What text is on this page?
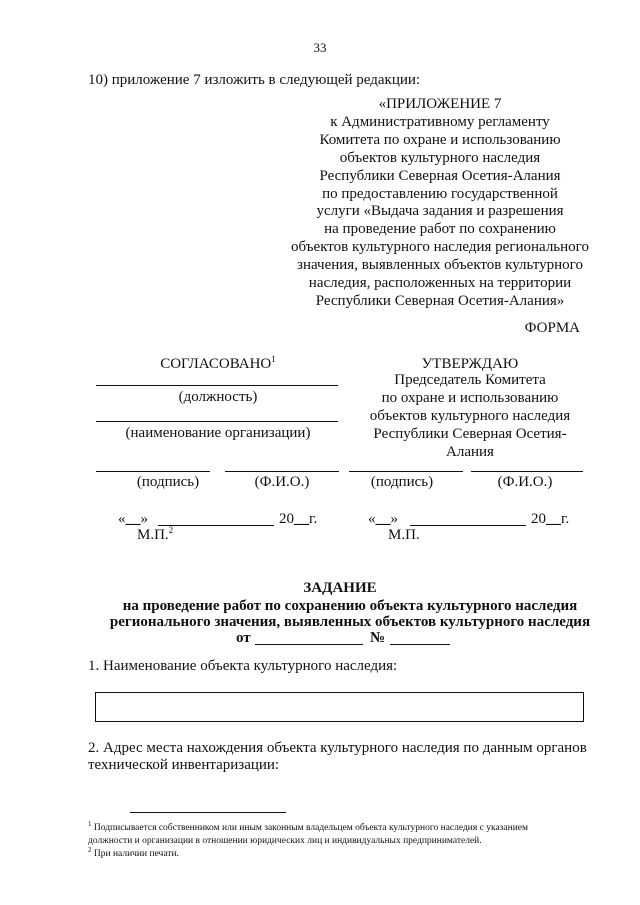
33
10) приложение 7 изложить в следующей редакции:
«ПРИЛОЖЕНИЕ 7
к Административному регламенту
Комитета по охране и использованию
объектов культурного наследия
Республики Северная Осетия-Алания
по предоставлению государственной
услуги «Выдача задания и разрешения
на проведение работ по сохранению
объектов культурного наследия регионального
значения, выявленных объектов культурного
наследия, расположенных на территории
Республики Северная Осетия-Алания»
ФОРМА
СОГЛАСОВАНО$^1$
(должность)
(наименование организации)
(подпись)	(Ф.И.О.)
«__»	20__г.
М.П.$^2$
УТВЕРЖДАЮ
Председатель Комитета
по охране и использованию
объектов культурного наследия
Республики Северная Осетия-
Алания
(подпись)	(Ф.И.О.)
«__»	20__г.
М.П.
ЗАДАНИЕ
на проведение работ по сохранению объекта культурного наследия
регионального значения, выявленных объектов культурного наследия
от	№
1. Наименование объекта культурного наследия:
2. Адрес места нахождения объекта культурного наследия по данным органов
технической инвентаризации:
$^1$ Подписывается собственником или иным законным владельцем объекта культурного наследия с указанием
должности и организации в отношении юридических лиц и индивидуальных предпринимателей.
$^2$ При наличии печати.
